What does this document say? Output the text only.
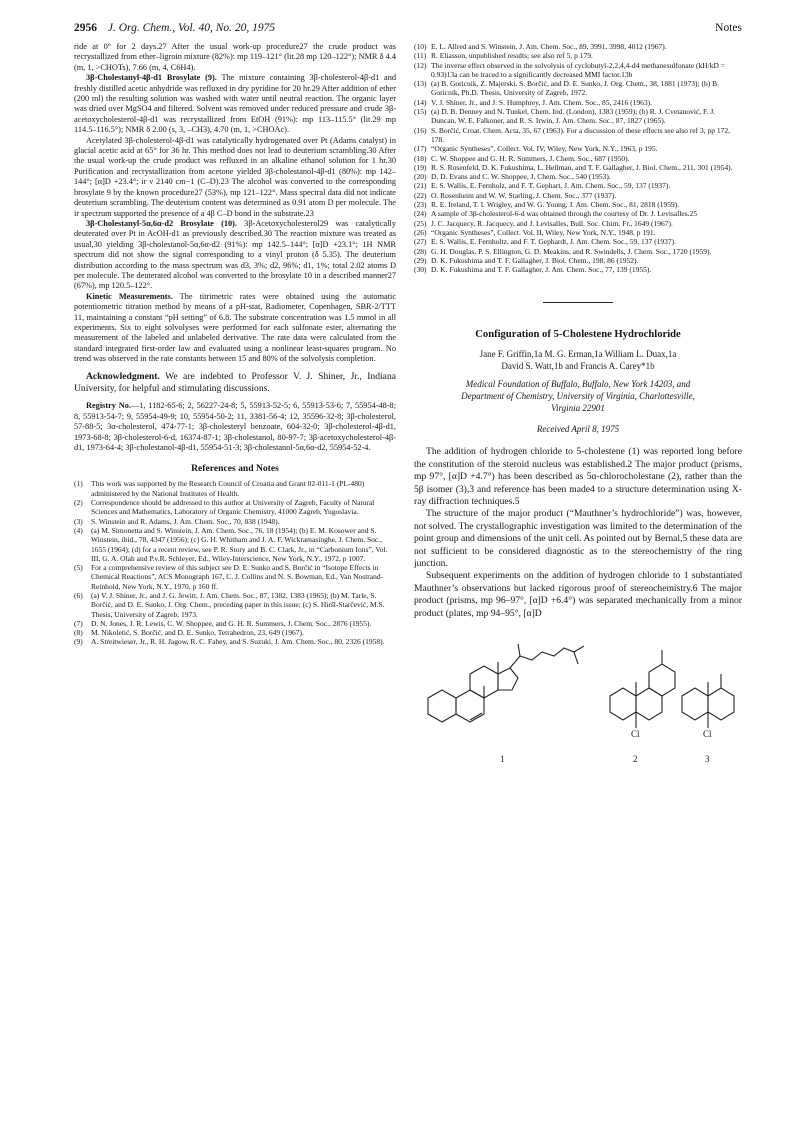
2956 J. Org. Chem., Vol. 40, No. 20, 1975	Notes

ride at 0° for 2 days.27 After the usual work-up procedure27 the crude product was recrystallized from ether–ligroin mixture (82%): mp 119–121° (lit.28 mp 120–122°); NMR δ 4.4 (m, 1, >CHOTs), 7.66 (m, 4, C6H4).

3β-Cholestanyl-4β-d1 Brosylate (9). The mixture containing 3β-cholesterol-4β-d1 and freshly distilled acetic anhydride was refluxed in dry pyridine for 20 hr.29 After addition of ether (200 ml) the resulting solution was washed with water until neutral reaction. The organic layer was dried over MgSO4 and filtered. Solvent was removed under reduced pressure and crude 3β-acetoxycholesterol-4β-d1 was recrystallized from EtOH (91%): mp 113–115.5° (lit.29 mp 114.5–116.5°); NMR δ 2.00 (s, 3, –CH3), 4.70 (m, 1, >CHOAc).

Acetylated 3β-cholesterol-4β-d1 was catalytically hydrogenated over Pt (Adams catalyst) in glacial acetic acid at 65° for 36 hr. This method does not lead to deuterium scrambling.30 After the usual work-up the crude product was refluxed in an alkaline ethanol solution for 1 hr.30 Purification and recrystallization from acetone yielded 3β-cholestanol-4β-d1 (80%): mp 142–144°; [α]D +23.4°; ir ν 2140 cm−1 (C–D).23 The alcohol was converted to the corresponding brosylate 9 by the known procedure27 (53%), mp 121–122°. Mass spectral data did not indicate deuterium scrambling. The deuterium content was determined as 0.91 atom D per molecule. The ir spectrum supported the presence of a 4β C–D bond in the substrate.23

3β-Cholestanyl-5α,6α-d2 Brosylate (10). 3β-Acetoxycholesterol29 was catalytically deuterated over Pt in AcOH-d1 as previously described.30 The reaction mixture was treated as usual,30 yielding 3β-cholestanol-5α,6α-d2 (91%): mp 142.5–144°; [α]D +23.1°; 1H NMR spectrum did not show the signal corresponding to a vinyl proton (δ 5.35). The deuterium distribution according to the mass spectrum was d3, 3%; d2, 96%; d1, 1%; total 2.02 atoms D per molecule. The deuterated alcohol was converted to the brosylate 10 in a described manner27 (67%), mp 120.5–122°.

Kinetic Measurements. The titrimetric rates were obtained using the automatic potentiometric titration method by means of a pH-stat, Radiometer, Copenhagen, SBR-2/TTT 11, maintaining a constant “pH setting” of 6.8. The substrate concentration was 1.5 mmol in all experiments. Six to eight solvolyses were performed for each sulfonate ester, alternating the measurement of the labeled and unlabeled derivative. The rate data were calculated from the standard integrated first-order law and evaluated using a nonlinear least-squares program. No trend was observed in the rate constants between 15 and 80% of the solvolysis completion.

Acknowledgment. We are indebted to Professor V. J. Shiner, Jr., Indiana University, for helpful and stimulating discussions.

Registry No.—1, 1182-65-6; 2, 56227-24-8; 5, 55913-52-5; 6, 55913-53-6; 7, 55954-48-8; 8, 55913-54-7; 9, 55954-49-9; 10, 55954-50-2; 11, 3381-56-4; 12, 35596-32-8; 3β-cholesterol, 57-88-5; 3α-cholesterol, 474-77-1; 3β-cholesteryl benzoate, 604-32-0; 3β-cholesterol-4β-d1, 1973-68-8; 3β-cholesterol-6-d, 16374-87-1; 3β-cholestanol, 80-97-7; 3β-acetoxycholesterol-4β-d1, 1973-64-4; 3β-cholestanol-4β-d1, 55954-51-3; 3β-cholestanol-5α,6α-d2, 55954-52-4.

References and Notes
(1)	This work was supported by the Research Council of Croatia and Grant 02-011-1 (PL-480) administered by the National Institutes of Health.
(2)	Correspondence should be addressed to this author at University of Zagreb, Faculty of Natural Sciences and Mathematics, Laboratory of Organic Chemistry, 41000 Zagreb, Yugoslavia.
(3)	S. Winstein and R. Adams, J. Am. Chem. Soc., 70, 838 (1948).
(4)	(a) M. Simonetta and S. Winstein, J. Am. Chem. Soc., 76, 18 (1954); (b) E. M. Kosower and S. Winstein, ibid., 78, 4347 (1956); (c) G. H. Whitham and J. A. F. Wickramasinghe, J. Chem. Soc., 1655 (1964); (d) for a recent review, see P. R. Story and B. C. Clark, Jr., in “Carbonium Ions”, Vol. III, G. A. Olah and P.v.R. Schleyer, Ed., Wiley-Interscience, New York, N.Y., 1972, p 1007.
(5)	For a comprehensive review of this subject see D. E. Sunko and S. Borčić in “Isotope Effects in Chemical Reactions”, ACS Monograph 167, C. J. Collins and N. S. Bowman, Ed., Van Nostrand-Reinhold, New York, N.Y., 1970, p 160 ff.
(6)	(a) V. J. Shiner, Jr., and J. G. Jewitt, J. Am. Chem. Soc., 87, 1382, 1383 (1965); (b) M. Tarle, S. Borčić, and D. E. Sunko, J. Org. Chem., preceding paper in this issue; (c) S. Hiršl-Starčević, M.S. Thesis, University of Zagreb, 1973.
(7)	D. N. Jones, J. R. Lewis, C. W. Shoppee, and G. H. R. Summers, J. Chem. Soc., 2876 (1955).
(8)	M. Nikoletić, S. Borčić, and D. E. Sunko, Tetrahedron, 23, 649 (1967).
(9)	A. Streitwieser, Jr., R. H. Jagow, R. C. Fahey, and S. Suzuki, J. Am. Chem. Soc., 80, 2326 (1958).
(10) E. L. Allred and S. Winstein, J. Am. Chem. Soc., 89, 3991, 3998, 4012 (1967).
(11) R. Eliasson, unpublished results; see also ref 5, p 179.
(12) The inverse effect observed in the solvolysis of cyclobutyl-2,2,4,4-d4 methanesulfonate (kH/kD = 0.93)13a can be traced to a significantly decreased MMI factor.13b
(13) (a) B. Goricnik, Z. Majerski, S. Borčić, and D. E. Sunko, J. Org. Chem., 38, 1881 (1973); (b) B. Goricnik, Ph.D. Thesis, University of Zagreb, 1972.
(14) V. J. Shiner, Jr., and J. S. Humphrey, J. Am. Chem. Soc., 85, 2416 (1963).
(15) (a) D. B. Denney and N. Tunkel, Chem. Ind. (London), 1383 (1959); (b) R. J. Cvetanović, F. J. Duncan, W. E. Falkoner, and R. S. Irwin, J. Am. Chem. Soc., 87, 1827 (1965).
(16) S. Borčić, Croat. Chem. Acta, 35, 67 (1963). For a discussion of these effects see also ref 3, pp 172, 178.
(17) “Organic Syntheses”, Collect. Vol. IV, Wiley, New York, N.Y., 1963, p 195.
(18) C. W. Shoppee and G. H. R. Summers, J. Chem. Soc., 687 (1950).
(19) R. S. Rosenfeld, D. K. Fukushima, L. Hellman, and T. F. Gallagher, J. Biol. Chem., 211, 301 (1954).
(20) D. D. Evans and C. W. Shoppee, J. Chem. Soc., 540 (1953).
(21) E. S. Wallis, E. Fernholz, and F. T. Gephart, J. Am. Chem. Soc., 59, 137 (1937).
(22) O. Rosenheim and W. W. Starling, J. Chem. Soc., 377 (1937).
(23) R. E. Ireland, T. I. Wrigley, and W. G. Young, J. Am. Chem. Soc., 81, 2818 (1959).
(24) A sample of 3β-cholesterol-6-d was obtained through the courtesy of Dr. J. Levisalles.25
(25) J. C. Jacquecy, R. Jacquecy, and J. Levisalles, Bull. Soc. Chim. Fr., 1649 (1967).
(26) “Organic Syntheses”, Collect. Vol. II, Wiley, New York, N.Y., 1948, p 191.
(27) E. S. Wallis, E. Fernholtz, and F. T. Gephardt, J. Am. Chem. Soc., 59, 137 (1937).
(28) G. H. Douglas, P. S. Ellington, G. D. Meakins, and R. Swindells, J. Chem. Soc., 1720 (1959).
(29) D. K. Fukushima and T. F. Gallagher, J. Biol. Chem., 198, 86 (1952).
(30) D. K. Fukushima and T. F. Gallagher, J. Am. Chem. Soc., 77, 139 (1955).
Configuration of 5-Cholestene Hydrochloride
Jane F. Griffin,1a M. G. Erman,1a William L. Duax,1a
David S. Watt,1b and Francis A. Carey*1b
Medical Foundation of Buffalo, Buffalo, New York 14203, and
Department of Chemistry, University of Virginia, Charlottesville,
Virginia 22901
Received April 8, 1975

The addition of hydrogen chloride to 5-cholestene (1) was reported long before the constitution of the steroid nucleus was established.2 The major product (prisms, mp 97°, [α]D +4.7°) has been described as 5α-chlorocholestane (2), rather than the 5β isomer (3),3 and reference has been made4 to a structure determination using X-ray diffraction techniques.5

The structure of the major product (“Mauthner’s hydrochloride”) was, however, not solved. The crystallographic investigation was limited to the determination of the point group and dimensions of the unit cell. As pointed out by Bernal,5 these data are not sufficient to be considered diagnostic as to the stereochemistry of the ring junction.

Subsequent experiments on the addition of hydrogen chloride to 1 substantiated Mauthner’s observations but lacked rigorous proof of stereochemistry.6 The major product (prisms, mp 96–97°, [α]D +6.4°) was separated mechanically from a minor product (plates, mp 94–95°, [α]D

Cl	Cl
1	2	3
